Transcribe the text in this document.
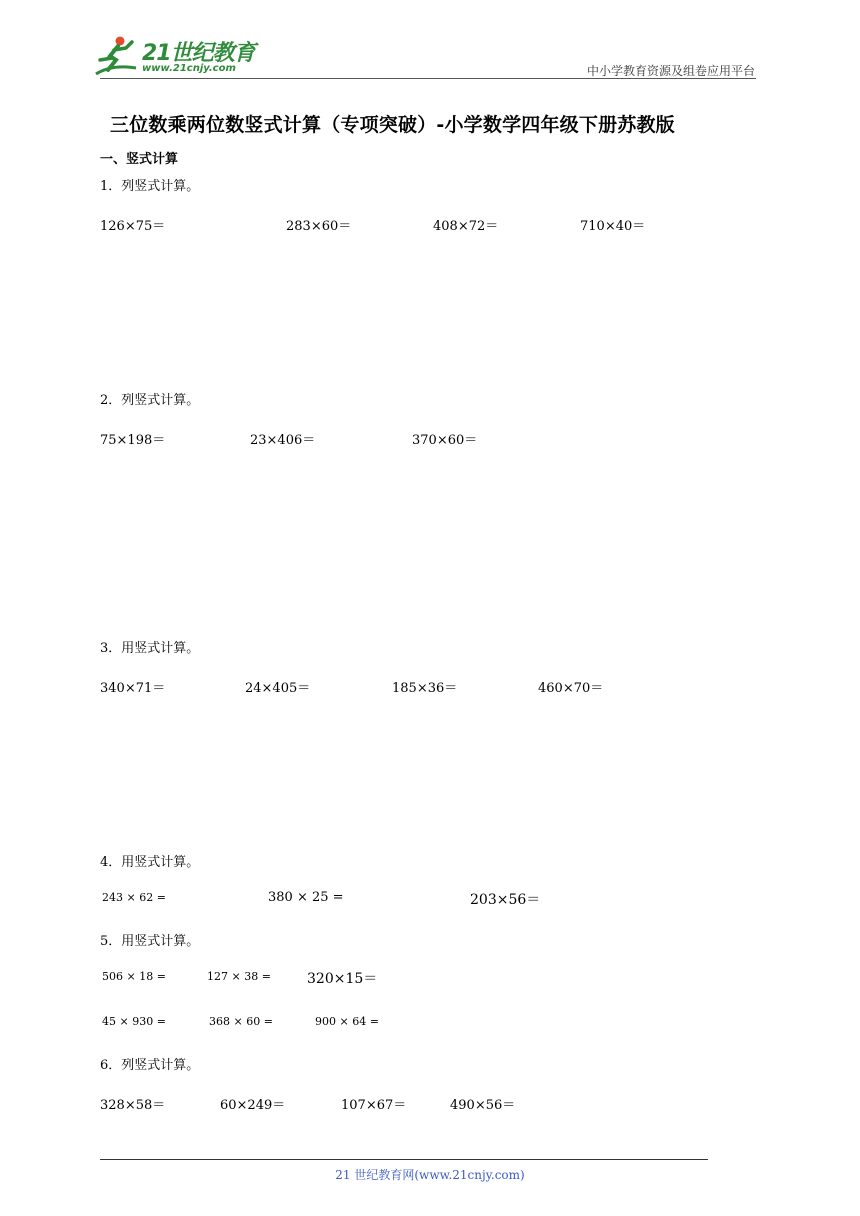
21世纪教育
www.21cnjy.com	中小学教育资源及组卷应用平台
三位数乘两位数竖式计算（专项突破）-小学数学四年级下册苏教版
一、竖式计算
1．列竖式计算。
126×75＝	283×60＝	408×72＝	710×40＝
2．列竖式计算。
75×198＝	23×406＝	370×60＝
3．用竖式计算。
340×71＝	24×405＝	185×36＝	460×70＝
4．用竖式计算。
243 × 62 =	380 × 25 =	203×56＝
5．用竖式计算。
506 × 18 =	127 × 38 =	320×15＝
45 × 930 =	368 × 60 =	900 × 64 =
6．列竖式计算。
328×58＝	60×249＝	107×67＝	490×56＝
21 世纪教育网(www.21cnjy.com)
